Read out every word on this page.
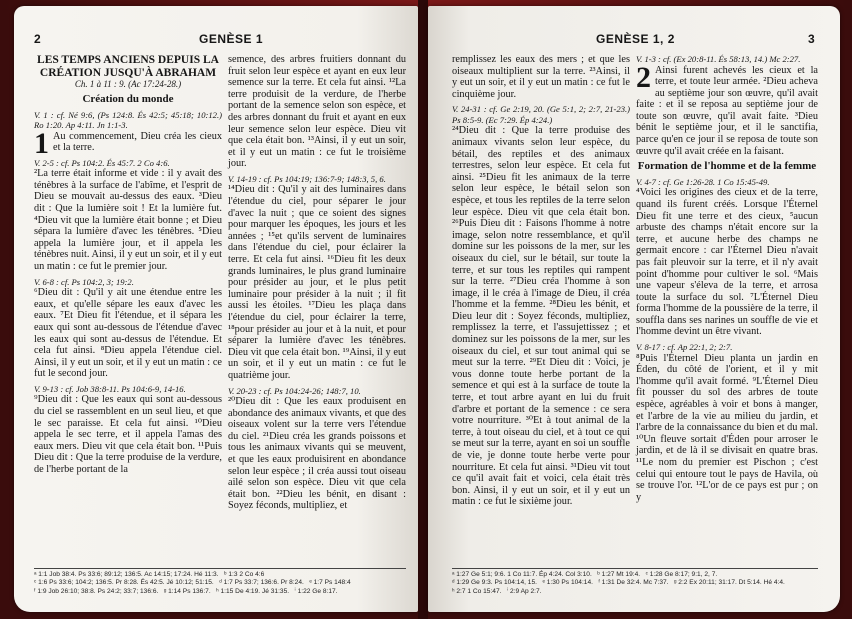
2	GENÈSE 1

LES TEMPS ANCIENS DEPUIS LA CRÉATION JUSQU'À ABRAHAM

Ch. 1 à 11 : 9. (Ac 17:24-28.)

Création du monde

V. 1 : cf. Né 9:6, (Ps 124:8. És 42:5; 45:18; 10:12.) Ro 1:20. Ap 4:11. Jn 1:1-3.

1 Au commencement, Dieu créa les cieux et la terre.

V. 2-5 : cf. Ps 104:2. És 45:7. 2 Co 4:6.

²La terre était informe et vide : il y avait des ténèbres à la surface de l'abîme, et l'esprit de Dieu se mouvait au-dessus des eaux. ³Dieu dit : Que la lumière soit ! Et la lumière fut. ⁴Dieu vit que la lumière était bonne ; et Dieu sépara la lumière d'avec les ténèbres. ⁵Dieu appela la lumière jour, et il appela les ténèbres nuit. Ainsi, il y eut un soir, et il y eut un matin : ce fut le premier jour.

V. 6-8 : cf. Ps 104:2, 3; 19:2.

⁶Dieu dit : Qu'il y ait une étendue entre les eaux, et qu'elle sépare les eaux d'avec les eaux. ⁷Et Dieu fit l'étendue, et il sépara les eaux qui sont au-dessous de l'étendue d'avec les eaux qui sont au-dessus de l'étendue. Et cela fut ainsi. ⁸Dieu appela l'étendue ciel. Ainsi, il y eut un soir, et il y eut un matin : ce fut le second jour.

V. 9-13 : cf. Job 38:8-11. Ps 104:6-9, 14-16.

⁹Dieu dit : Que les eaux qui sont au-dessous du ciel se rassemblent en un seul lieu, et que le sec paraisse. Et cela fut ainsi. ¹⁰Dieu appela le sec terre, et il appela l'amas des eaux mers. Dieu vit que cela était bon. ¹¹Puis Dieu dit : Que la terre produise de la verdure, de l'herbe portant de la

semence, des arbres fruitiers donnant du fruit selon leur espèce et ayant en eux leur semence sur la terre. Et cela fut ainsi. ¹²La terre produisit de la verdure, de l'herbe portant de la semence selon son espèce, et des arbres donnant du fruit et ayant en eux leur semence selon leur espèce. Dieu vit que cela était bon. ¹³Ainsi, il y eut un soir, et il y eut un matin : ce fut le troisième jour.

V. 14-19 : cf. Ps 104:19; 136:7-9; 148:3, 5, 6.

¹⁴Dieu dit : Qu'il y ait des luminaires dans l'étendue du ciel, pour séparer le jour d'avec la nuit ; que ce soient des signes pour marquer les époques, les jours et les années ; ¹⁵et qu'ils servent de luminaires dans l'étendue du ciel, pour éclairer la terre. Et cela fut ainsi. ¹⁶Dieu fit les deux grands luminaires, le plus grand luminaire pour présider au jour, et le plus petit luminaire pour présider à la nuit ; il fit aussi les étoiles. ¹⁷Dieu les plaça dans l'étendue du ciel, pour éclairer la terre, ¹⁸pour présider au jour et à la nuit, et pour séparer la lumière d'avec les ténèbres. Dieu vit que cela était bon. ¹⁹Ainsi, il y eut un soir, et il y eut un matin : ce fut le quatrième jour.

V. 20-23 : cf. Ps 104:24-26; 148:7, 10.

²⁰Dieu dit : Que les eaux produisent en abondance des animaux vivants, et que des oiseaux volent sur la terre vers l'étendue du ciel. ²¹Dieu créa les grands poissons et tous les animaux vivants qui se meuvent, et que les eaux produisirent en abondance selon leur espèce ; il créa aussi tout oiseau ailé selon son espèce. Dieu vit que cela était bon. ²²Dieu les bénit, en disant : Soyez féconds, multipliez, et

ᵃ 1:1 Job 38:4. Ps 33:6; 89:12; 136:5. Ac 14:15; 17:24. Hé 11:3.   ᵇ 1:3 2 Co 4:6
ᶜ 1:6 Ps 33:6; 104:2; 136:5. Pr 8:28. És 42:5. Jé 10:12; 51:15.   ᵈ 1:7 Ps 33:7; 136:6. Pr 8:24.   ᵉ 1:7 Ps 148:4
ᶠ 1:9 Job 26:10; 38:8. Ps 24:2; 33:7; 136:6.   ᵍ 1:14 Ps 136:7.   ʰ 1:15 De 4:19. Jé 31:35.   ⁱ 1:22 Ge 8:17.
GENÈSE 1, 2	3

remplissez les eaux des mers ; et que les oiseaux multiplient sur la terre. ²³Ainsi, il y eut un soir, et il y eut un matin : ce fut le cinquième jour.

V. 24-31 : cf. Ge 2:19, 20. (Ge 5:1, 2; 2:7, 21-23.) Ps 8:5-9. (Ec 7:29. Ép 4:24.)

²⁴Dieu dit : Que la terre produise des animaux vivants selon leur espèce, du bétail, des reptiles et des animaux terrestres, selon leur espèce. Et cela fut ainsi. ²⁵Dieu fit les animaux de la terre selon leur espèce, le bétail selon son espèce, et tous les reptiles de la terre selon leur espèce. Dieu vit que cela était bon. ²⁶Puis Dieu dit : Faisons l'homme à notre image, selon notre ressemblance, et qu'il domine sur les poissons de la mer, sur les oiseaux du ciel, sur le bétail, sur toute la terre, et sur tous les reptiles qui rampent sur la terre. ²⁷Dieu créa l'homme à son image, il le créa à l'image de Dieu, il créa l'homme et la femme. ²⁸Dieu les bénit, et Dieu leur dit : Soyez féconds, multipliez, remplissez la terre, et l'assujettissez ; et dominez sur les poissons de la mer, sur les oiseaux du ciel, et sur tout animal qui se meut sur la terre. ²⁹Et Dieu dit : Voici, je vous donne toute herbe portant de la semence et qui est à la surface de toute la terre, et tout arbre ayant en lui du fruit d'arbre et portant de la semence : ce sera votre nourriture. ³⁰Et à tout animal de la terre, à tout oiseau du ciel, et à tout ce qui se meut sur la terre, ayant en soi un souffle de vie, je donne toute herbe verte pour nourriture. Et cela fut ainsi. ³¹Dieu vit tout ce qu'il avait fait et voici, cela était très bon. Ainsi, il y eut un soir, et il y eut un matin : ce fut le sixième jour.

V. 1-3 : cf. (Ex 20:8-11. És 58:13, 14.) Mc 2:27.

2 Ainsi furent achevés les cieux et la terre, et toute leur armée. ²Dieu acheva au septième jour son œuvre, qu'il avait faite : et il se reposa au septième jour de toute son œuvre, qu'il avait faite. ³Dieu bénit le septième jour, et il le sanctifia, parce qu'en ce jour il se reposa de toute son œuvre qu'il avait créée en la faisant.

Formation de l'homme et de la femme

V. 4-7 : cf. Ge 1:26-28. 1 Co 15:45-49.

⁴Voici les origines des cieux et de la terre, quand ils furent créés. Lorsque l'Éternel Dieu fit une terre et des cieux, ⁵aucun arbuste des champs n'était encore sur la terre, et aucune herbe des champs ne germait encore : car l'Éternel Dieu n'avait pas fait pleuvoir sur la terre, et il n'y avait point d'homme pour cultiver le sol. ⁶Mais une vapeur s'éleva de la terre, et arrosa toute la surface du sol. ⁷L'Éternel Dieu forma l'homme de la poussière de la terre, il souffla dans ses narines un souffle de vie et l'homme devint un être vivant.

V. 8-17 : cf. Ap 22:1, 2; 2:7.

⁸Puis l'Éternel Dieu planta un jardin en Éden, du côté de l'orient, et il y mit l'homme qu'il avait formé. ⁹L'Éternel Dieu fit pousser du sol des arbres de toute espèce, agréables à voir et bons à manger, et l'arbre de la vie au milieu du jardin, et l'arbre de la connaissance du bien et du mal. ¹⁰Un fleuve sortait d'Éden pour arroser le jardin, et de là il se divisait en quatre bras. ¹¹Le nom du premier est Pischon ; c'est celui qui entoure tout le pays de Havila, où se trouve l'or. ¹²L'or de ce pays est pur ; on y

ᵃ 1:27 Ge 5:1; 9:6. 1 Co 11:7. Ép 4:24. Col 3:10.   ᵇ 1:27 Mt 19:4.   ᶜ 1:28 Ge 8:17; 9:1, 2, 7.
ᵈ 1:29 Ge 9:3. Ps 104:14, 15.   ᵉ 1:30 Ps 104:14.   ᶠ 1:31 De 32:4. Mc 7:37.   ᵍ 2:2 Ex 20:11; 31:17. Dt 5:14. Hé 4:4.
ʰ 2:7 1 Co 15:47.   ⁱ 2:9 Ap 2:7.
